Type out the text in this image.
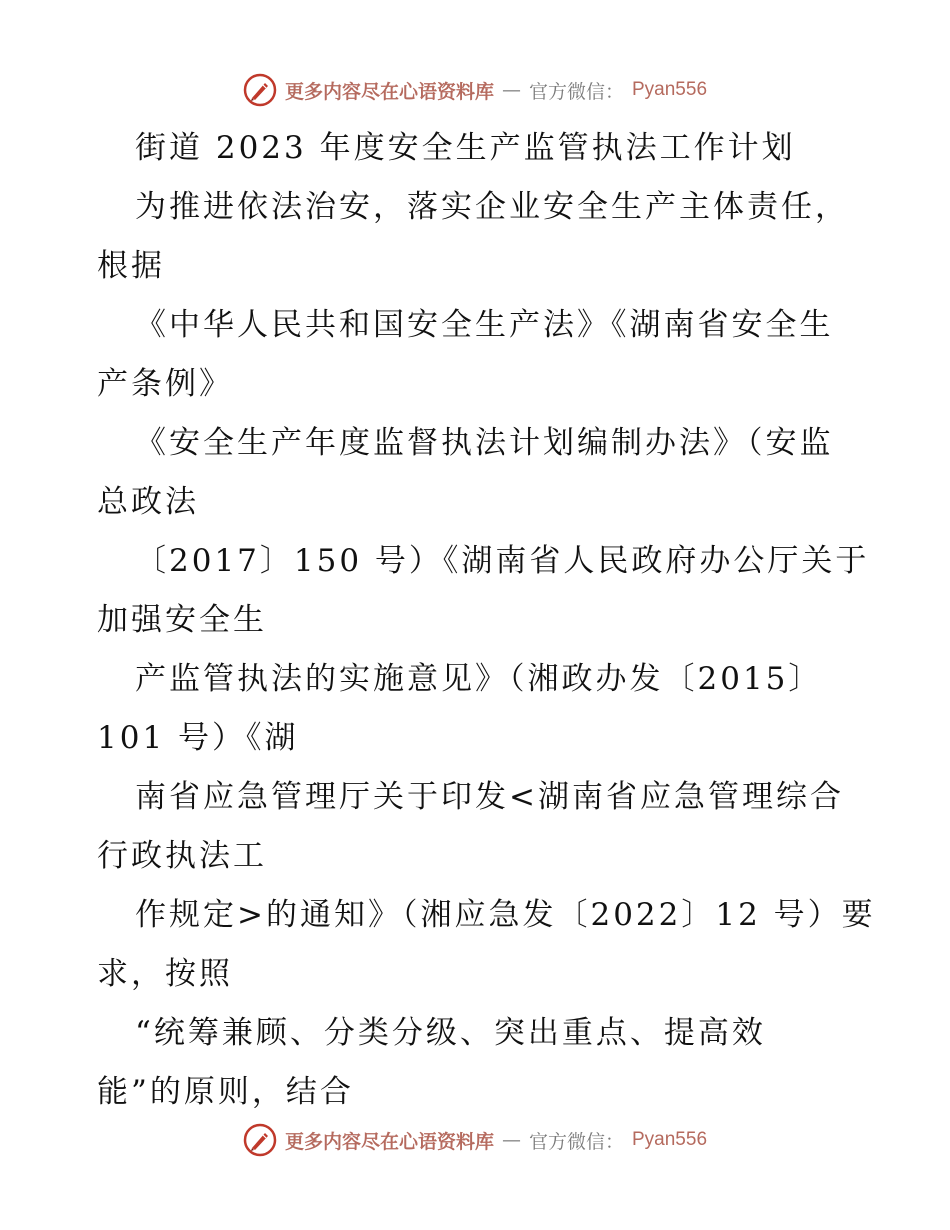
更多内容尽在心语资料库 — 官方微信： Pyan556
街道 2023 年度安全生产监管执法工作计划
为推进依法治安，落实企业安全生产主体责任，
根据
《中华人民共和国安全生产法》《湖南省安全生
产条例》
《安全生产年度监督执法计划编制办法》（安监
总政法
〔2017〕150 号）《湖南省人民政府办公厅关于
加强安全生
产监管执法的实施意见》（湘政办发〔2015〕
101 号）《湖
南省应急管理厅关于印发<湖南省应急管理综合
行政执法工
作规定>的通知》（湘应急发〔2022〕12 号）要
求，按照
“统筹兼顾、分类分级、突出重点、提高效
能”的原则，结合
更多内容尽在心语资料库 — 官方微信： Pyan556
